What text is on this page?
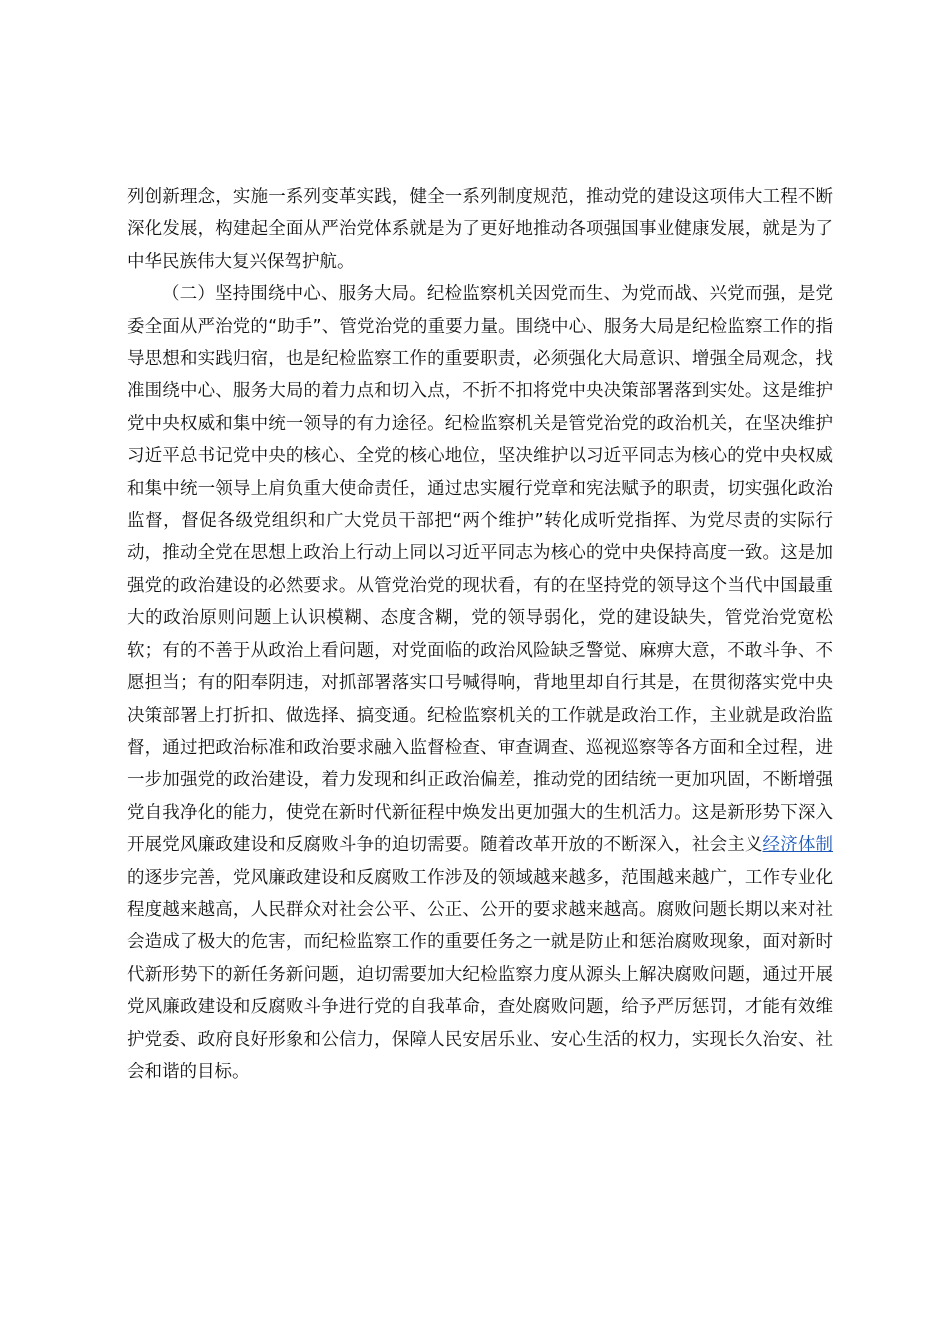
列创新理念，实施一系列变革实践，健全一系列制度规范，推动党的建设这项伟大工程不断深化发展，构建起全面从严治党体系就是为了更好地推动各项强国事业健康发展，就是为了中华民族伟大复兴保驾护航。

（二）坚持围绕中心、服务大局。纪检监察机关因党而生、为党而战、兴党而强，是党委全面从严治党的“助手”、管党治党的重要力量。围绕中心、服务大局是纪检监察工作的指导思想和实践归宿，也是纪检监察工作的重要职责，必须强化大局意识、增强全局观念，找准围绕中心、服务大局的着力点和切入点，不折不扣将党中央决策部署落到实处。这是维护党中央权威和集中统一领导的有力途径。纪检监察机关是管党治党的政治机关，在坚决维护习近平总书记党中央的核心、全党的核心地位，坚决维护以习近平同志为核心的党中央权威和集中统一领导上肩负重大使命责任，通过忠实履行党章和宪法赋予的职责，切实强化政治监督，督促各级党组织和广大党员干部把“两个维护”转化成听党指挥、为党尽责的实际行动，推动全党在思想上政治上行动上同以习近平同志为核心的党中央保持高度一致。这是加强党的政治建设的必然要求。从管党治党的现状看，有的在坚持党的领导这个当代中国最重大的政治原则问题上认识模糊、态度含糊，党的领导弱化，党的建设缺失，管党治党宽松软；有的不善于从政治上看问题，对党面临的政治风险缺乏警觉、麻痹大意，不敢斗争、不愿担当；有的阳奉阴违，对抓部署落实口号喊得响，背地里却自行其是，在贯彻落实党中央决策部署上打折扣、做选择、搞变通。纪检监察机关的工作就是政治工作，主业就是政治监督，通过把政治标准和政治要求融入监督检查、审查调查、巡视巡察等各方面和全过程，进一步加强党的政治建设，着力发现和纠正政治偏差，推动党的团结统一更加巩固，不断增强党自我净化的能力，使党在新时代新征程中焕发出更加强大的生机活力。这是新形势下深入开展党风廉政建设和反腐败斗争的迫切需要。随着改革开放的不断深入，社会主义经济体制的逐步完善，党风廉政建设和反腐败工作涉及的领域越来越多，范围越来越广，工作专业化程度越来越高，人民群众对社会公平、公正、公开的要求越来越高。腐败问题长期以来对社会造成了极大的危害，而纪检监察工作的重要任务之一就是防止和惩治腐败现象，面对新时代新形势下的新任务新问题，迫切需要加大纪检监察力度从源头上解决腐败问题，通过开展党风廉政建设和反腐败斗争进行党的自我革命，查处腐败问题，给予严厉惩罚，才能有效维护党委、政府良好形象和公信力，保障人民安居乐业、安心生活的权力，实现长久治安、社会和谐的目标。
